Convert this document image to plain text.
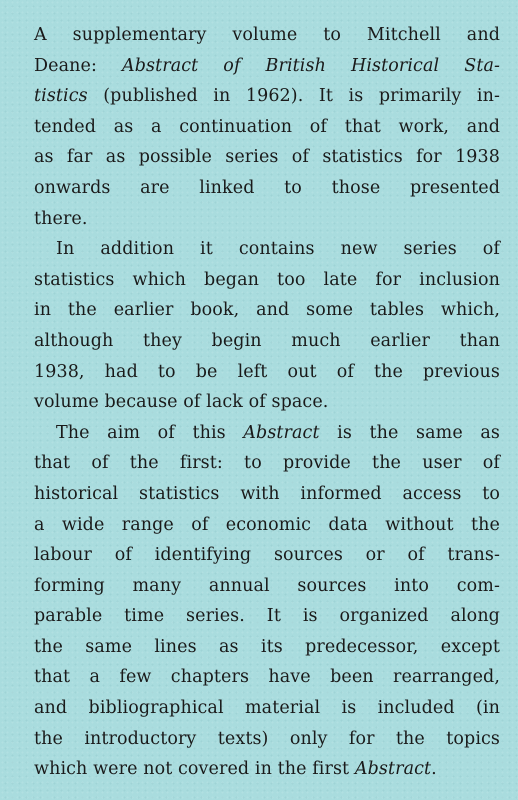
A supplementary volume to Mitchell and
Deane: Abstract of British Historical Sta-
tistics (published in 1962). It is primarily in-
tended as a continuation of that work, and
as far as possible series of statistics for 1938
onwards are linked to those presented
there.
In addition it contains new series of
statistics which began too late for inclusion
in the earlier book, and some tables which,
although they begin much earlier than
1938, had to be left out of the previous
volume because of lack of space.
The aim of this Abstract is the same as
that of the first: to provide the user of
historical statistics with informed access to
a wide range of economic data without the
labour of identifying sources or of trans-
forming many annual sources into com-
parable time series. It is organized along
the same lines as its predecessor, except
that a few chapters have been rearranged,
and bibliographical material is included (in
the introductory texts) only for the topics
which were not covered in the first Abstract.
